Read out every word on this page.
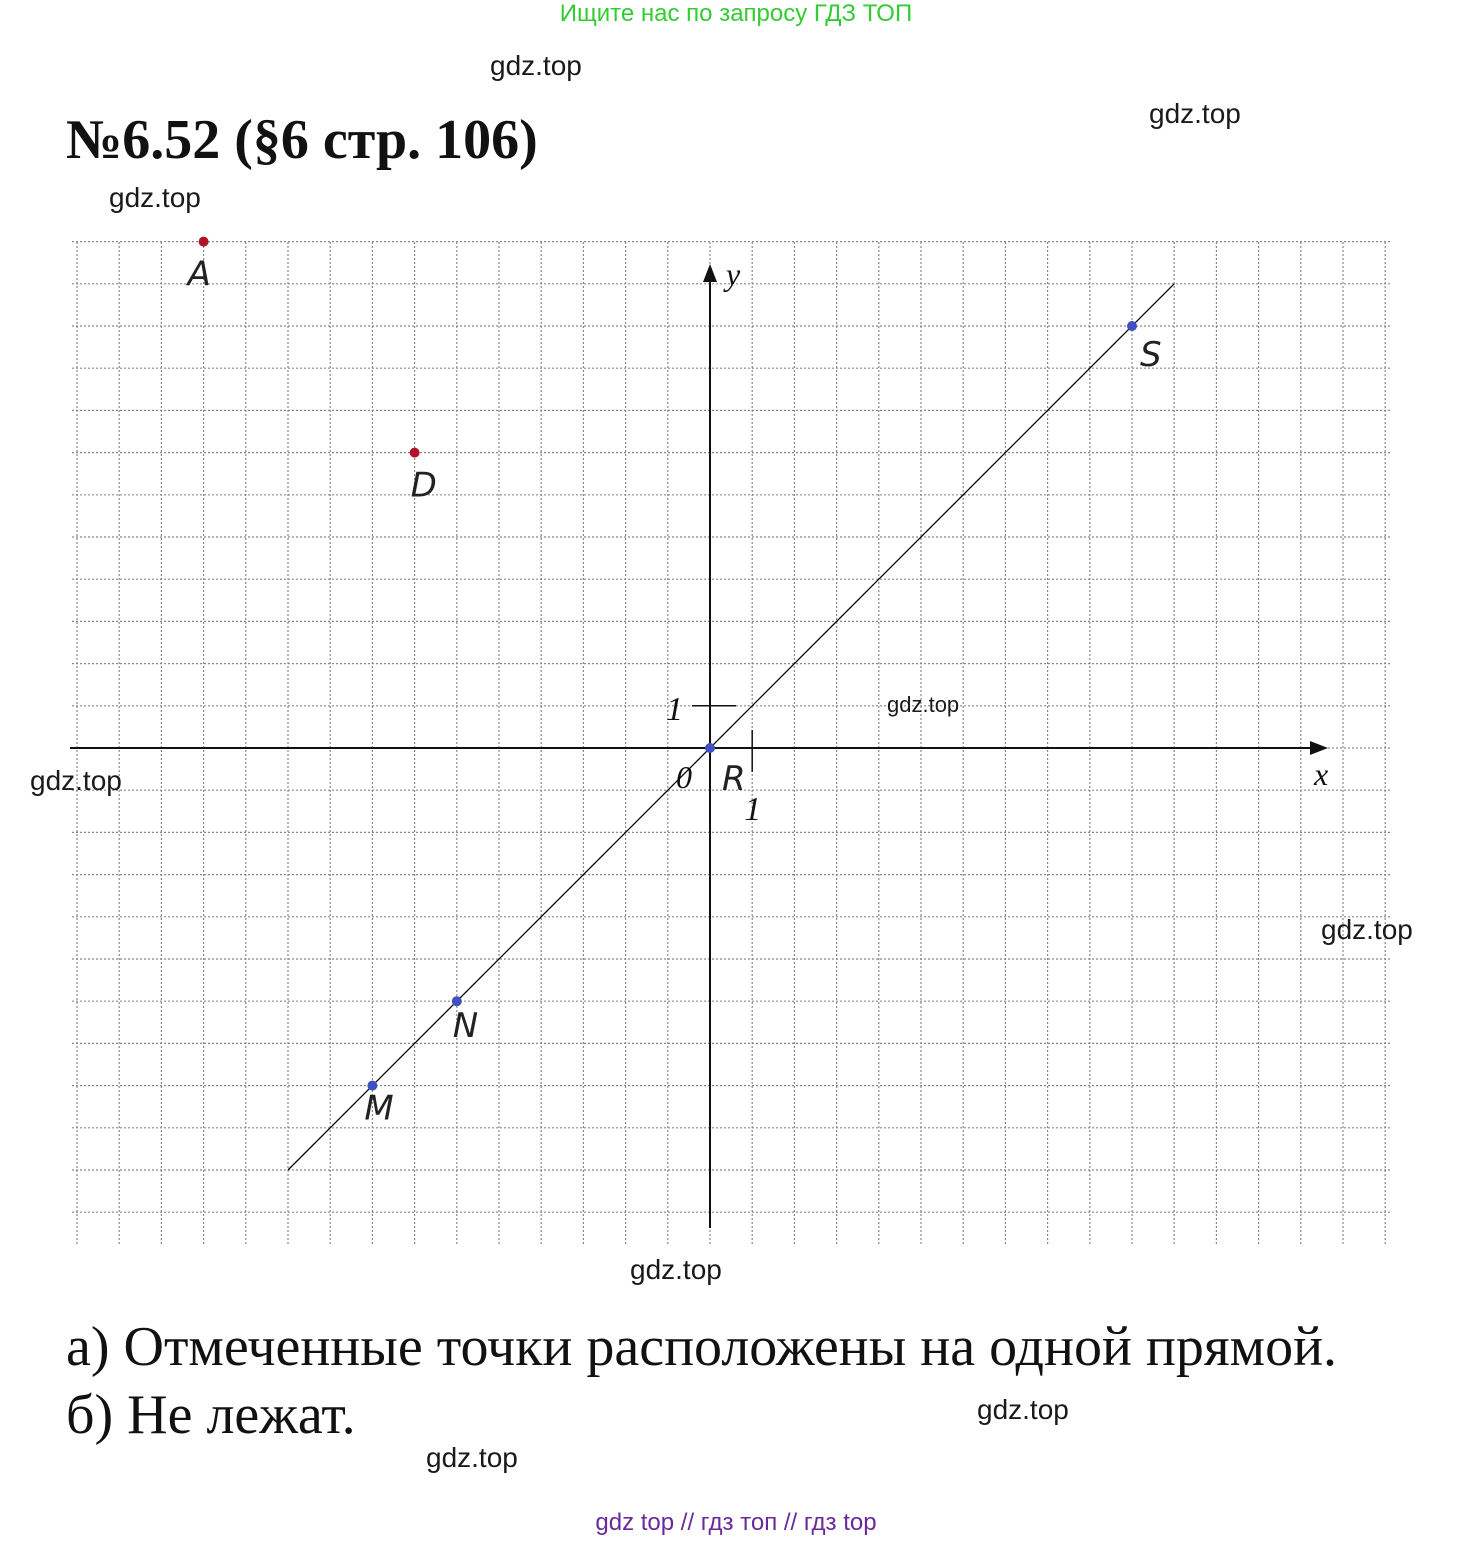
Ищите нас по запросу ГДЗ ТОП
gdz.top
gdz.top
gdz.top
№6.52 (§6 стр. 106)
x
y
0
1
1
A
D
S
R
N
M
gdz.top
gdz.top
gdz.top
gdz.top
а) Отмеченные точки расположены на одной прямой.
б) Не лежат.	gdz.top
gdz.top
gdz top // гдз топ // гдз top
